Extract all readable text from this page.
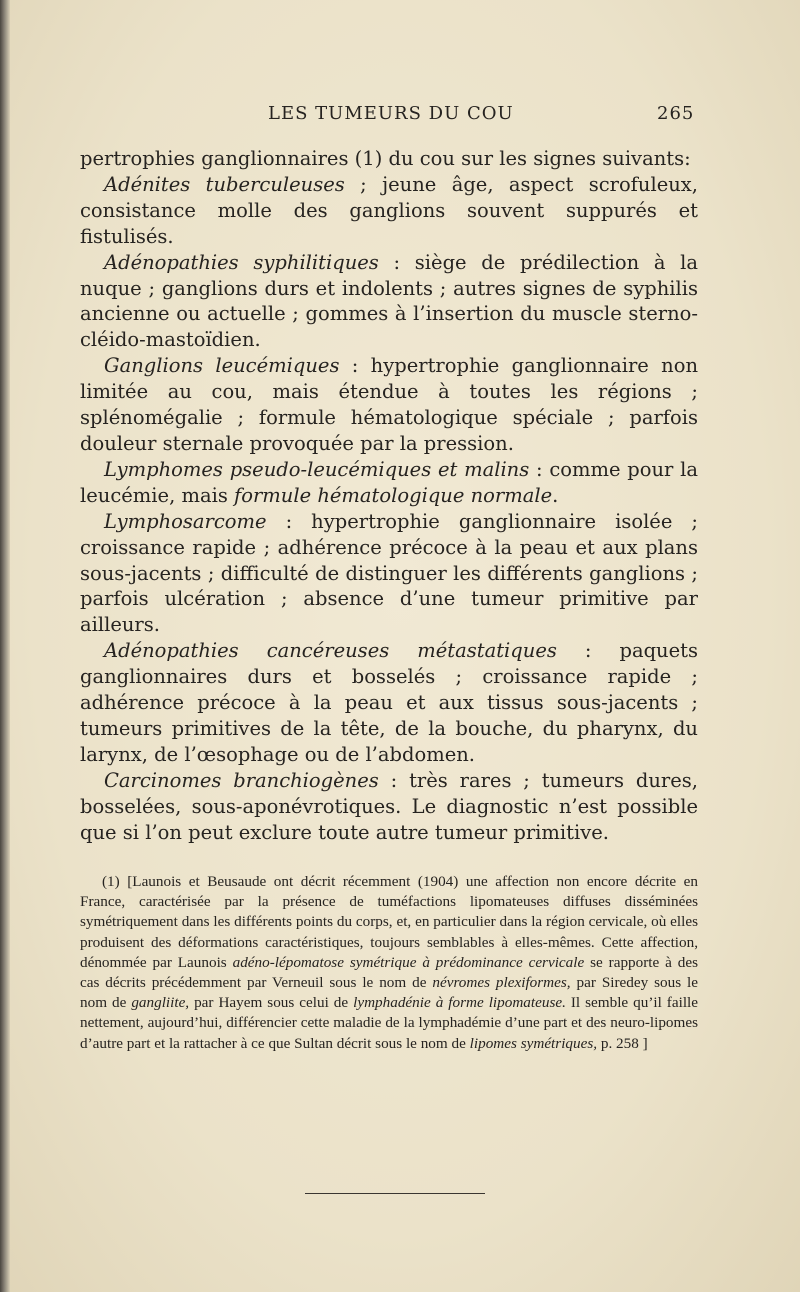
LES TUMEURS DU COU	265

pertrophies ganglionnaires (1) du cou sur les signes suivants:

Adénites tuberculeuses ; jeune âge, aspect scrofuleux, consistance molle des ganglions souvent suppurés et fistulisés.

Adénopathies syphilitiques : siège de prédilection à la nuque ; ganglions durs et indolents ; autres signes de syphilis ancienne ou actuelle ; gommes à l’insertion du muscle sterno-cléido-mastoïdien.

Ganglions leucémiques : hypertrophie ganglionnaire non limitée au cou, mais étendue à toutes les régions ; splénomégalie ; formule hématologique spéciale ; parfois douleur sternale provoquée par la pression.

Lymphomes pseudo-leucémiques et malins : comme pour la leucémie, mais formule hématologique normale.

Lymphosarcome : hypertrophie ganglionnaire isolée ; croissance rapide ; adhérence précoce à la peau et aux plans sous-jacents ; difficulté de distinguer les différents ganglions ; parfois ulcération ; absence d’une tumeur primitive par ailleurs.

Adénopathies cancéreuses métastatiques : paquets ganglionnaires durs et bosselés ; croissance rapide ; adhérence précoce à la peau et aux tissus sous-jacents ; tumeurs primitives de la tête, de la bouche, du pharynx, du larynx, de l’œsophage ou de l’abdomen.

Carcinomes branchiogènes : très rares ; tumeurs dures, bosselées, sous-aponévrotiques. Le diagnostic n’est possible que si l’on peut exclure toute autre tumeur primitive.

(1) [Launois et Beusaude ont décrit récemment (1904) une affection non encore décrite en France, caractérisée par la présence de tuméfactions lipomateuses diffuses disséminées symétriquement dans les différents points du corps, et, en particulier dans la région cervicale, où elles produisent des déformations caractéristiques, toujours semblables à elles-mêmes. Cette affection, dénommée par Launois adéno-lépomatose symétrique à prédominance cervicale se rapporte à des cas décrits précédemment par Verneuil sous le nom de névromes plexiformes, par Siredey sous le nom de gangliite, par Hayem sous celui de lymphadénie à forme lipomateuse. Il semble qu’il faille nettement, aujourd’hui, différencier cette maladie de la lymphadémie d’une part et des neuro-lipomes d’autre part et la rattacher à ce que Sultan décrit sous le nom de lipomes symétriques, p. 258 ]
